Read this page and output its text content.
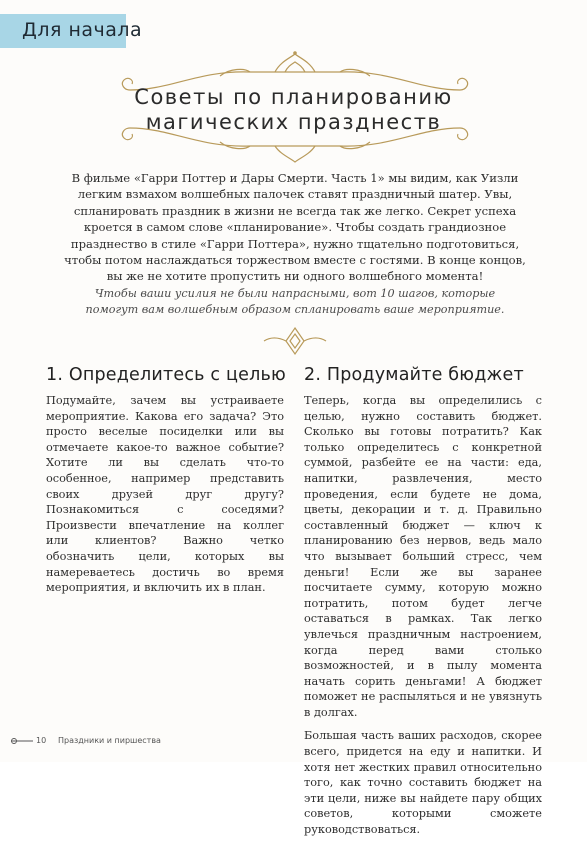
Для начала
Советы по планированию
магических празднеств
В фильме «Гарри Поттер и Дары Смерти. Часть 1» мы видим, как Уизли легким взмахом волшебных палочек ставят праздничный шатер. Увы, спланировать праздник в жизни не всегда так же легко. Секрет успеха кроется в самом слове «планирование». Чтобы создать грандиозное празднество в стиле «Гарри Поттера», нужно тщательно подготовиться, чтобы потом наслаждаться торжеством вместе с гостями. В конце концов, вы же не хотите пропустить ни одного волшебного момента!
Чтобы ваши усилия не были напрасными, вот 10 шагов, которые помогут вам волшебным образом спланировать ваше мероприятие.
1. Определитесь с целью

Подумайте, зачем вы устраиваете мероприятие. Какова его задача? Это просто веселые посиделки или вы отмечаете какое-то важное событие? Хотите ли вы сделать что-то особенное, например представить своих друзей друг другу? Познакомиться с соседями? Произвести впечатление на коллег или клиентов? Важно четко обозначить цели, которых вы намереваетесь достичь во время мероприятия, и включить их в план.

2. Продумайте бюджет

Теперь, когда вы определились с целью, нужно составить бюджет. Сколько вы готовы потратить? Как только определитесь с конкретной суммой, разбейте ее на части: еда, напитки, развлечения, место проведения, если будете не дома, цветы, декорации и т. д. Правильно составленный бюджет — ключ к планированию без нервов, ведь мало что вызывает больший стресс, чем деньги! Если же вы заранее посчитаете сумму, которую можно потратить, потом будет легче оставаться в рамках. Так легко увлечься праздничным настроением, когда перед вами столько возможностей, и в пылу момента начать сорить деньгами! А бюджет поможет не распыляться и не увязнуть в долгах.

Большая часть ваших расходов, скорее всего, придется на еду и напитки. И хотя нет жестких правил относительно того, как точно составить бюджет на эти цели, ниже вы найдете пару общих советов, которыми сможете руководствоваться.

10 Праздники и пиршества
